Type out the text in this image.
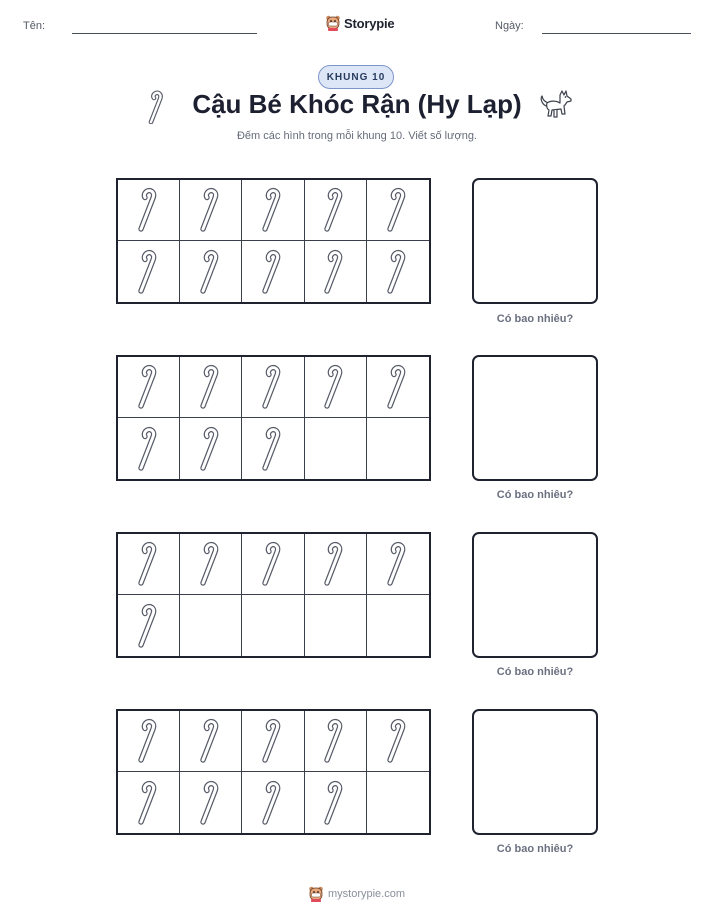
Tên:	Storypie	Ngày:
KHUNG 10
Cậu Bé Khóc Rận (Hy Lạp)
Đếm các hình trong mỗi khung 10. Viết số lượng.
Có bao nhiêu?
Có bao nhiêu?
Có bao nhiêu?
Có bao nhiêu?
mystorypie.com
